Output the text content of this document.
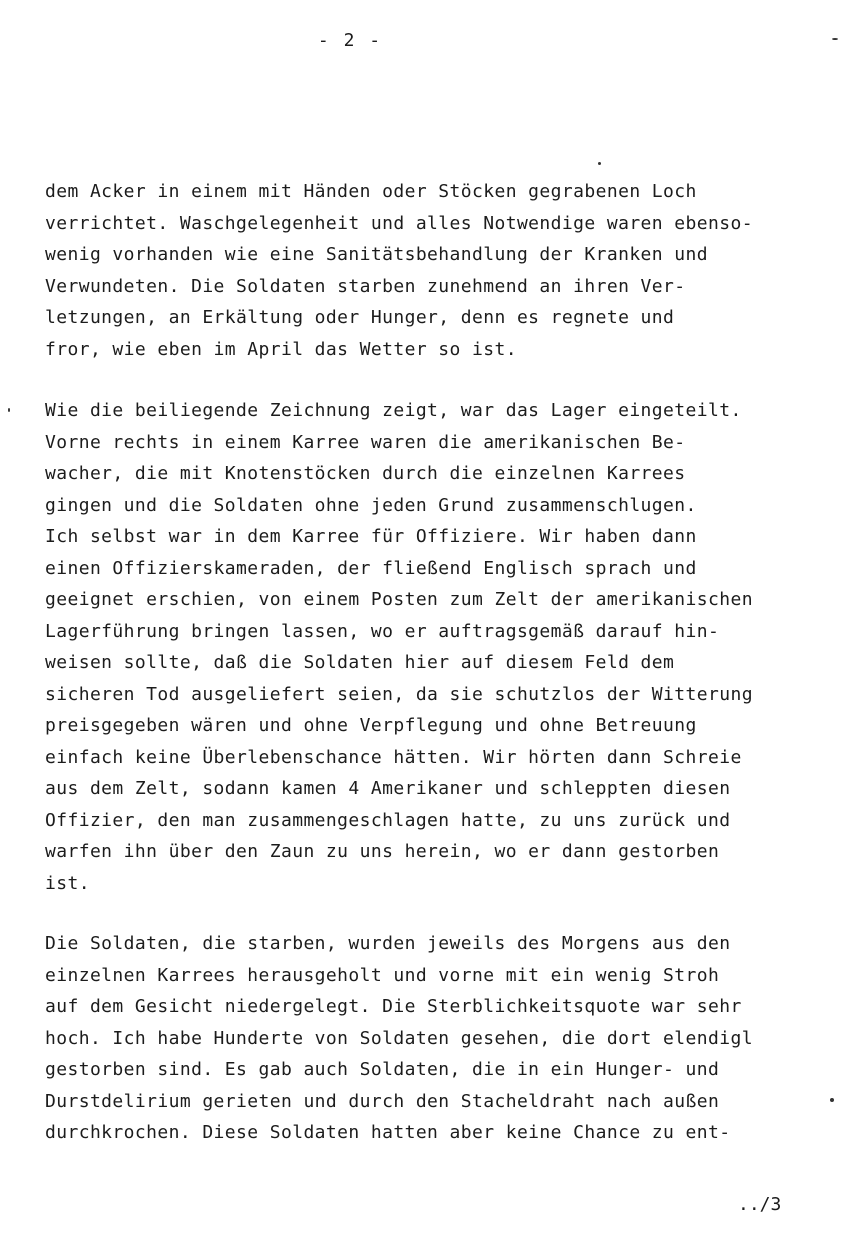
- 2 -
dem Acker in einem mit Händen oder Stöcken gegrabenen Loch
verrichtet. Waschgelegenheit und alles Notwendige waren ebenso-
wenig vorhanden wie eine Sanitätsbehandlung der Kranken und
Verwundeten. Die Soldaten starben zunehmend an ihren Ver-
letzungen, an Erkältung oder Hunger, denn es regnete und
fror, wie eben im April das Wetter so ist.
Wie die beiliegende Zeichnung zeigt, war das Lager eingeteilt.
Vorne rechts in einem Karree waren die amerikanischen Be-
wacher, die mit Knotenstöcken durch die einzelnen Karrees
gingen und die Soldaten ohne jeden Grund zusammenschlugen.
Ich selbst war in dem Karree für Offiziere. Wir haben dann
einen Offizierskameraden, der fließend Englisch sprach und
geeignet erschien, von einem Posten zum Zelt der amerikanischen
Lagerführung bringen lassen, wo er auftragsgemäß darauf hin-
weisen sollte, daß die Soldaten hier auf diesem Feld dem
sicheren Tod ausgeliefert seien, da sie schutzlos der Witterung
preisgegeben wären und ohne Verpflegung und ohne Betreuung
einfach keine Überlebenschance hätten. Wir hörten dann Schreie
aus dem Zelt, sodann kamen 4 Amerikaner und schleppten diesen
Offizier, den man zusammengeschlagen hatte, zu uns zurück und
warfen ihn über den Zaun zu uns herein, wo er dann gestorben
ist.
Die Soldaten, die starben, wurden jeweils des Morgens aus den
einzelnen Karrees herausgeholt und vorne mit ein wenig Stroh
auf dem Gesicht niedergelegt. Die Sterblichkeitsquote war sehr
hoch. Ich habe Hunderte von Soldaten gesehen, die dort elendigl
gestorben sind. Es gab auch Soldaten, die in ein Hunger- und
Durstdelirium gerieten und durch den Stacheldraht nach außen
durchkrochen. Diese Soldaten hatten aber keine Chance zu ent-
../3
